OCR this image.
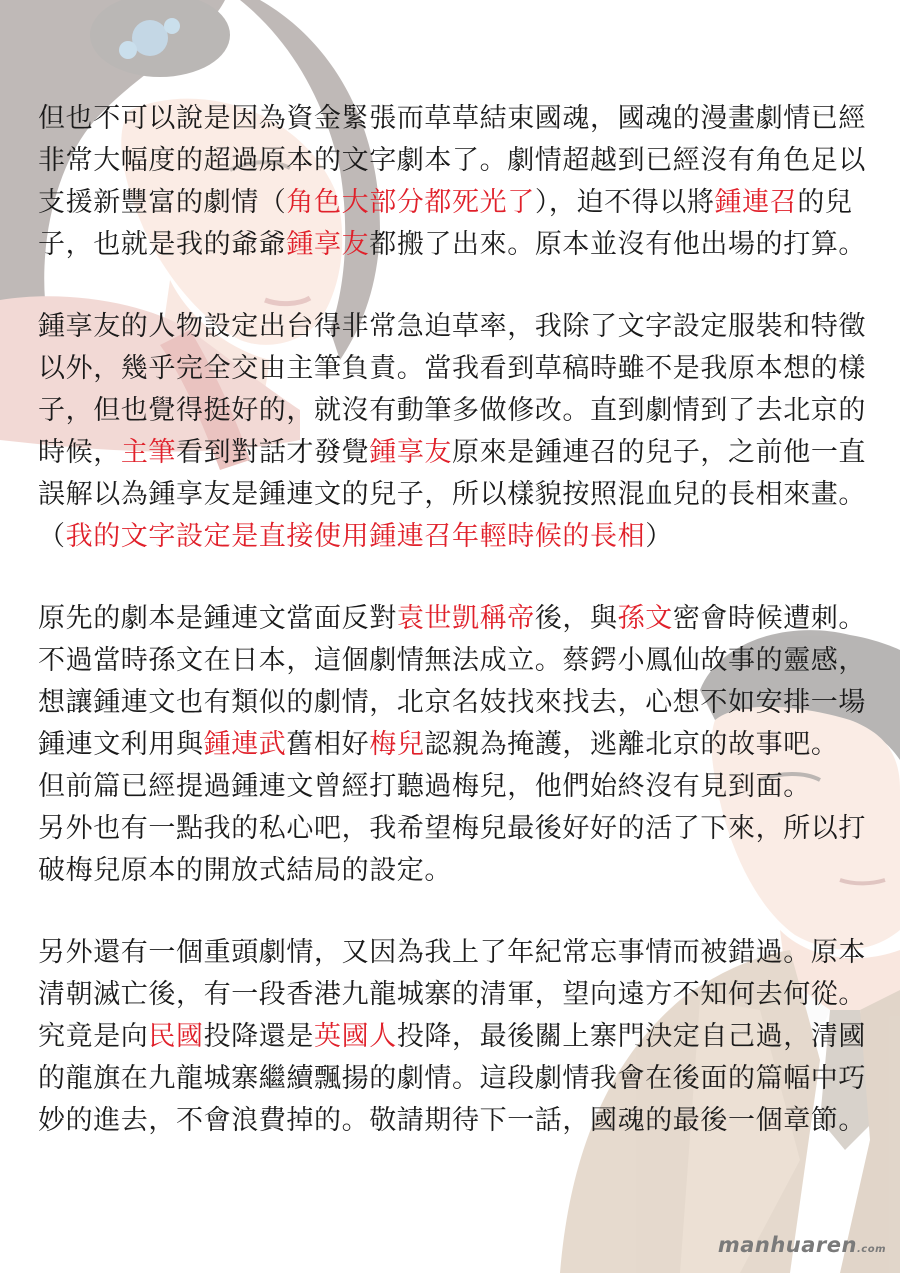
但也不可以說是因為資金緊張而草草結束國魂，國魂的漫畫劇情已經
非常大幅度的超過原本的文字劇本了。劇情超越到已經沒有角色足以
支援新豐富的劇情（角色大部分都死光了），迫不得以將鍾連召的兒
子，也就是我的爺爺鍾享友都搬了出來。原本並沒有他出場的打算。
鍾享友的人物設定出台得非常急迫草率，我除了文字設定服裝和特徵
以外，幾乎完全交由主筆負責。當我看到草稿時雖不是我原本想的樣
子，但也覺得挺好的，就沒有動筆多做修改。直到劇情到了去北京的
時候，主筆看到對話才發覺鍾享友原來是鍾連召的兒子，之前他一直
誤解以為鍾享友是鍾連文的兒子，所以樣貌按照混血兒的長相來畫。
（我的文字設定是直接使用鍾連召年輕時候的長相）
原先的劇本是鍾連文當面反對袁世凱稱帝後，與孫文密會時候遭刺。
不過當時孫文在日本，這個劇情無法成立。蔡鍔小鳳仙故事的靈感，
想讓鍾連文也有類似的劇情，北京名妓找來找去，心想不如安排一場
鍾連文利用與鍾連武舊相好梅兒認親為掩護，逃離北京的故事吧。
但前篇已經提過鍾連文曾經打聽過梅兒，他們始終沒有見到面。
另外也有一點我的私心吧，我希望梅兒最後好好的活了下來，所以打
破梅兒原本的開放式結局的設定。
另外還有一個重頭劇情，又因為我上了年紀常忘事情而被錯過。原本
清朝滅亡後，有一段香港九龍城寨的清軍，望向遠方不知何去何從。
究竟是向民國投降還是英國人投降，最後關上寨門決定自己過，清國
的龍旗在九龍城寨繼續飄揚的劇情。這段劇情我會在後面的篇幅中巧
妙的進去，不會浪費掉的。敬請期待下一話，國魂的最後一個章節。
manhuaren.com
